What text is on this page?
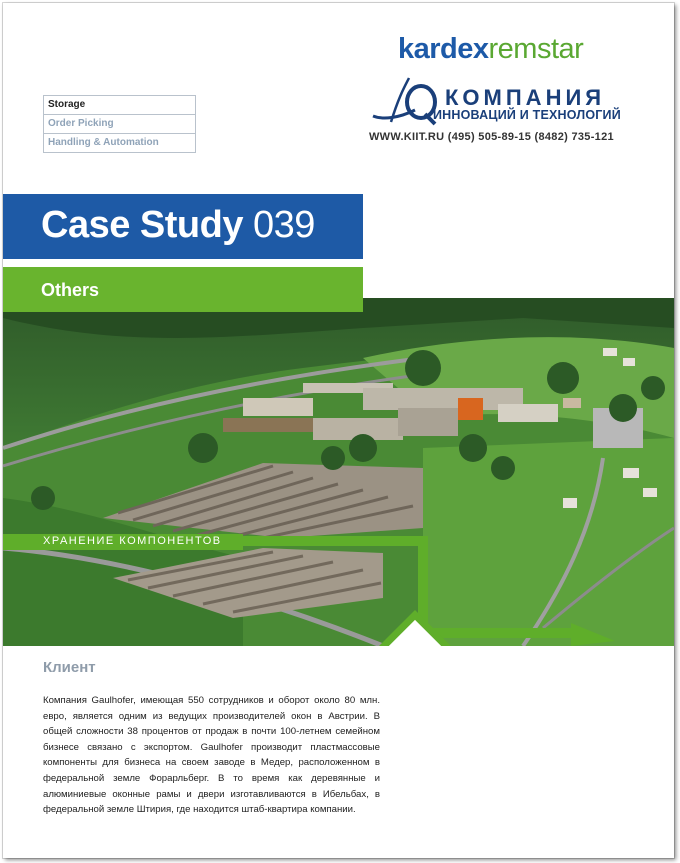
kardexremstar
КОМПАНИЯ
ИННОВАЦИЙ И ТЕХНОЛОГИЙ
WWW.KIIT.RU (495) 505-89-15 (8482) 735-121
Storage
Order Picking
Handling & Automation
ХРАНЕНИЕ КОМПОНЕНТОВ
Others
Case Study 039
Клиент
Компания Gaulhofer, имеющая 550 сотрудников и оборот около 80 млн. евро, является одним из ведущих производителей окон в Австрии. В общей сложности 38 процентов от продаж в почти 100-летнем семейном бизнесе связано с экспортом. Gaulhofer производит пластмассовые компоненты для бизнеса на своем заводе в Медер, расположенном в федеральной земле Форарльберг. В то время как деревянные и алюминиевые оконные рамы и двери изготавливаются в Ибельбах, в федеральной земле Штирия, где находится штаб-квартира компании.
